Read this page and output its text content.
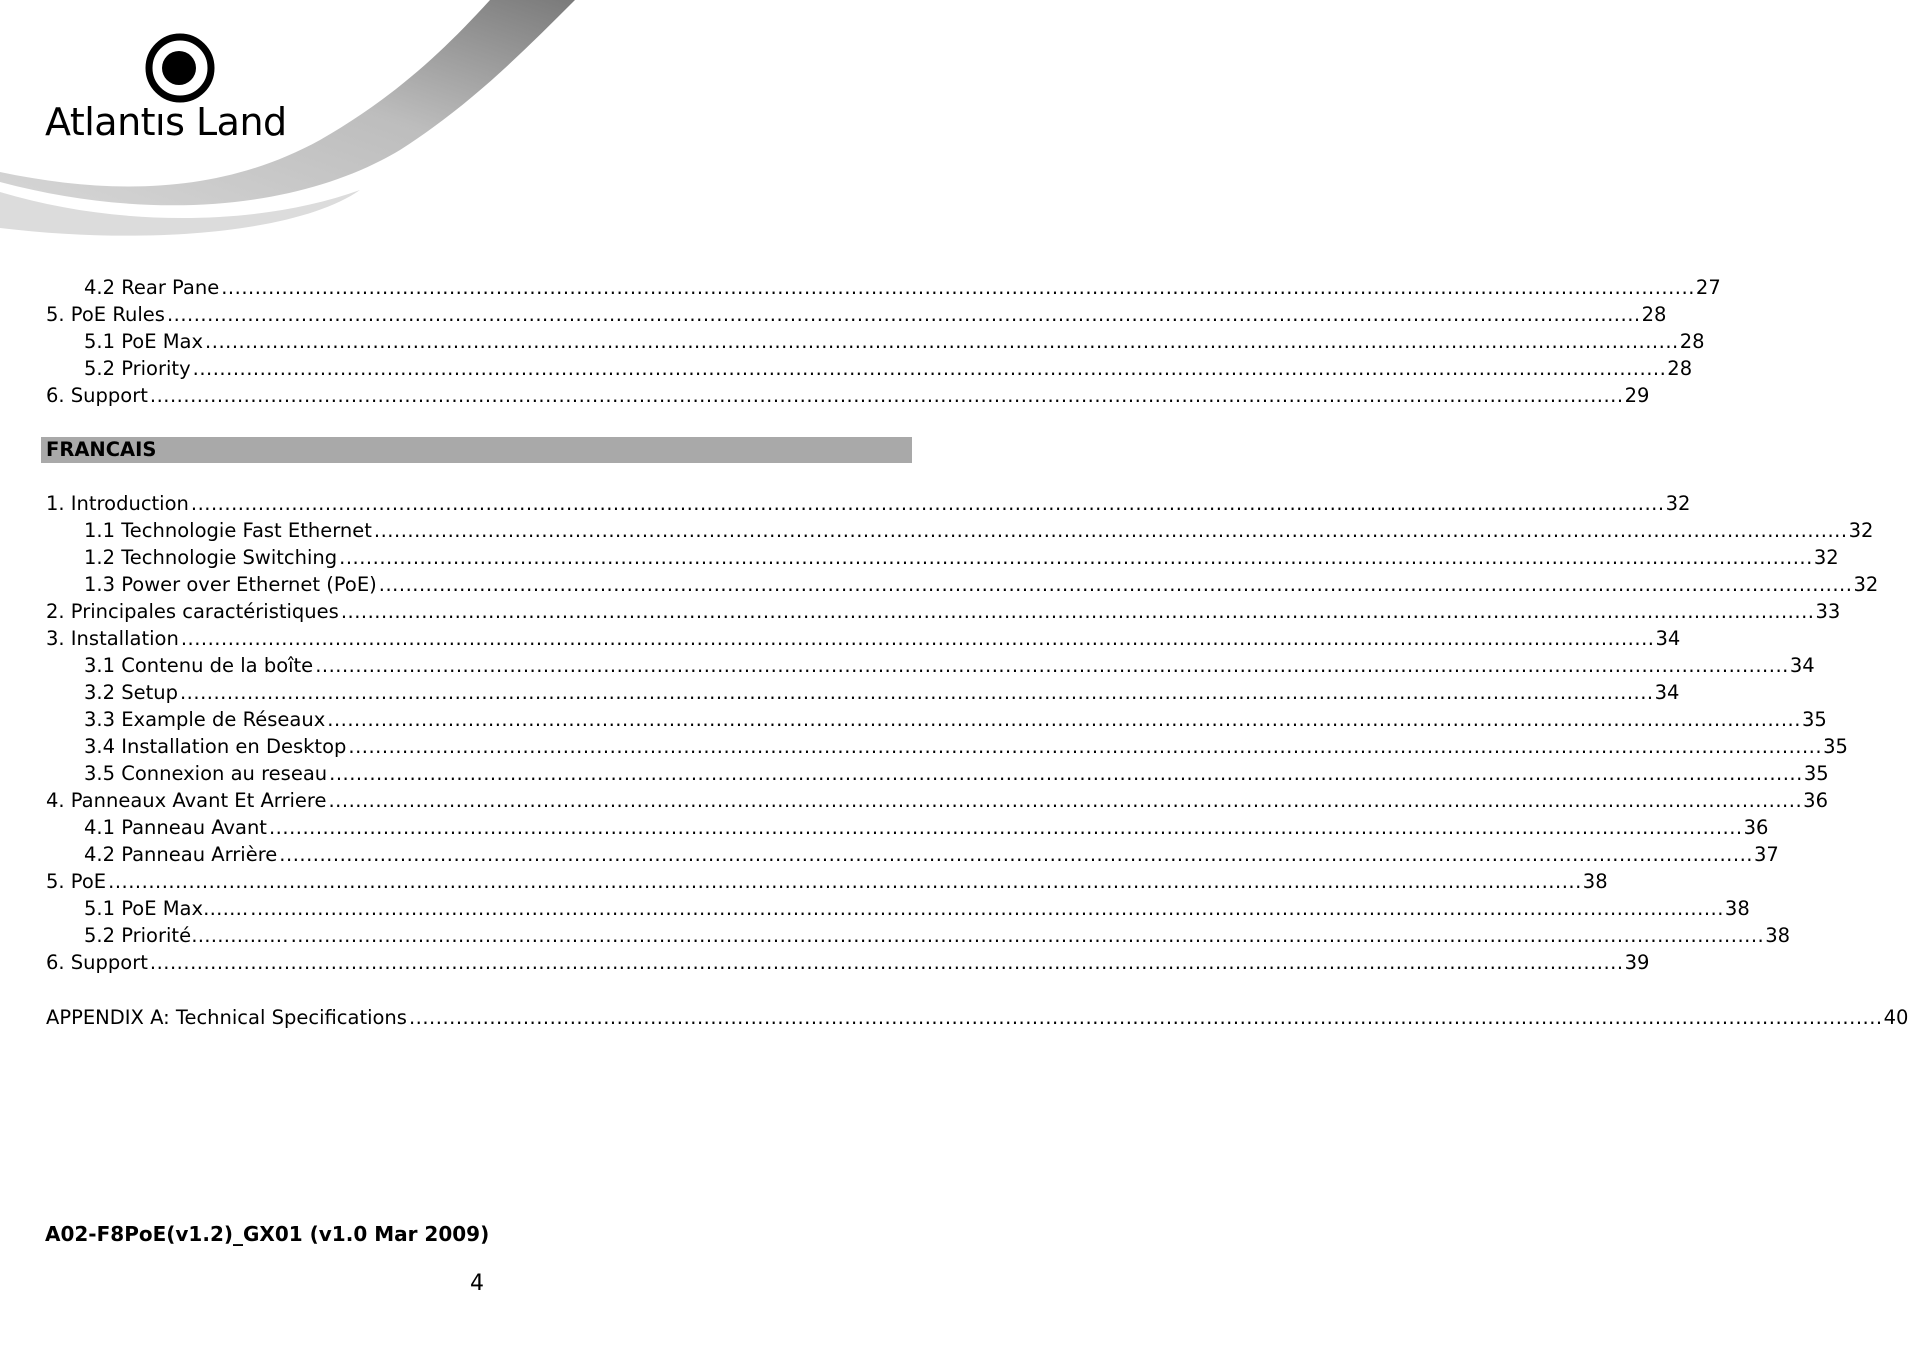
Atlantıs Land
4.2 Rear Pane ............................................................................................................................................................................................................................ 27
5. PoE Rules ............................................................................................................................................................................................................................ 28
5.1 PoE Max ............................................................................................................................................................................................................................ 28
5.2 Priority ............................................................................................................................................................................................................................ 28
6. Support ............................................................................................................................................................................................................................ 29
1. Introduction ............................................................................................................................................................................................................................ 32
1.1 Technologie Fast Ethernet ............................................................................................................................................................................................................................ 32
1.2 Technologie Switching ............................................................................................................................................................................................................................ 32
1.3 Power over Ethernet (PoE) ............................................................................................................................................................................................................................ 32
2. Principales caractéristiques ............................................................................................................................................................................................................................ 33
3. Installation ............................................................................................................................................................................................................................ 34
3.1 Contenu de la boîte ............................................................................................................................................................................................................................ 34
3.2 Setup ............................................................................................................................................................................................................................ 34
3.3 Example de Réseaux ............................................................................................................................................................................................................................ 35
3.4 Installation en Desktop ............................................................................................................................................................................................................................ 35
3.5 Connexion au reseau ............................................................................................................................................................................................................................ 35
4. Panneaux Avant Et Arriere ............................................................................................................................................................................................................................ 36
4.1 Panneau Avant ............................................................................................................................................................................................................................ 36
4.2 Panneau Arrière ............................................................................................................................................................................................................................ 37
5. PoE ............................................................................................................................................................................................................................ 38
5.1 PoE Max……. ............................................................................................................................................................................................................................ 38
5.2 Priorité…………… ............................................................................................................................................................................................................................ 38
6. Support ............................................................................................................................................................................................................................ 39
APPENDIX A: Technical Specifications ............................................................................................................................................................................................................................ 40
FRANCAIS
A02-F8PoE(v1.2)_GX01 (v1.0 Mar 2009)
4
